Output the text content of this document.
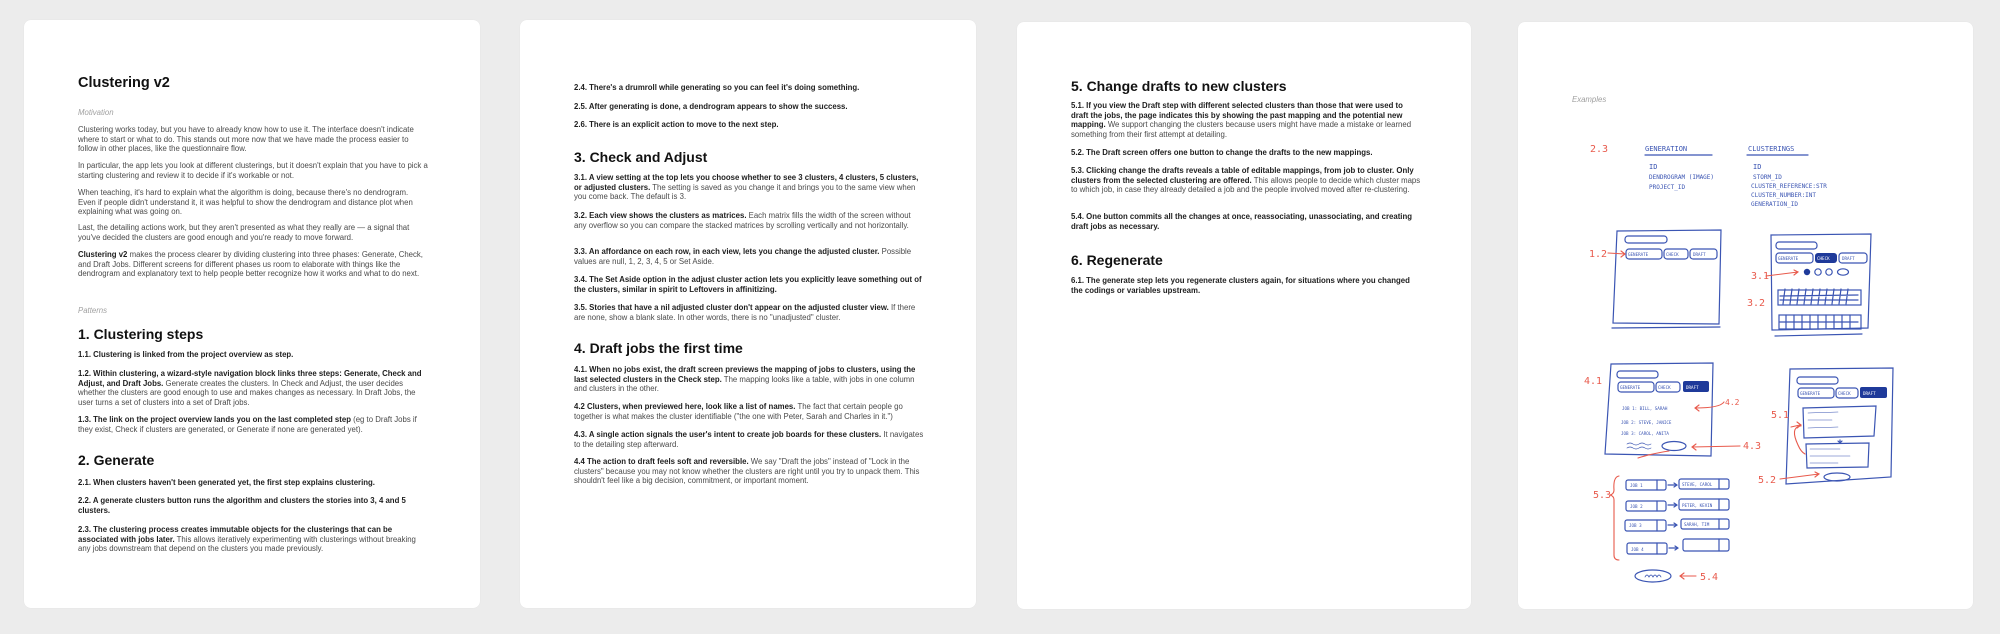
Clustering v2
Motivation
Clustering works today, but you have to already know how to use it. The interface doesn't indicate where to start or what to do. This stands out more now that we have made the process easier to follow in other places, like the questionnaire flow.
In particular, the app lets you look at different clusterings, but it doesn't explain that you have to pick a starting clustering and review it to decide if it's workable or not.
When teaching, it's hard to explain what the algorithm is doing, because there's no dendrogram. Even if people didn't understand it, it was helpful to show the dendrogram and distance plot when explaining what was going on.
Last, the detailing actions work, but they aren't presented as what they really are — a signal that you've decided the clusters are good enough and you're ready to move forward.
Clustering v2 makes the process clearer by dividing clustering into three phases: Generate, Check, and Draft Jobs. Different screens for different phases us room to elaborate with things like the dendrogram and explanatory text to help people better recognize how it works and what to do next.
Patterns
1. Clustering steps
1.1. Clustering is linked from the project overview as step.
1.2. Within clustering, a wizard-style navigation block links three steps: Generate, Check and Adjust, and Draft Jobs. Generate creates the clusters. In Check and Adjust, the user decides whether the clusters are good enough to use and makes changes as necessary. In Draft Jobs, the user turns a set of clusters into a set of Draft jobs.
1.3. The link on the project overview lands you on the last completed step (eg to Draft Jobs if they exist, Check if clusters are generated, or Generate if none are generated yet).
2. Generate
2.1. When clusters haven't been generated yet, the first step explains clustering.
2.2. A generate clusters button runs the algorithm and clusters the stories into 3, 4 and 5 clusters.
2.3. The clustering process creates immutable objects for the clusterings that can be associated with jobs later. This allows iteratively experimenting with clusterings without breaking any jobs downstream that depend on the clusters you made previously.
2.4. There's a drumroll while generating so you can feel it's doing something.
2.5. After generating is done, a dendrogram appears to show the success.
2.6. There is an explicit action to move to the next step.
3. Check and Adjust
3.1. A view setting at the top lets you choose whether to see 3 clusters, 4 clusters, 5 clusters, or adjusted clusters. The setting is saved as you change it and brings you to the same view when you come back. The default is 3.
3.2. Each view shows the clusters as matrices. Each matrix fills the width of the screen without any overflow so you can compare the stacked matrices by scrolling vertically and not horizontally.
3.3. An affordance on each row, in each view, lets you change the adjusted cluster. Possible values are null, 1, 2, 3, 4, 5 or Set Aside.
3.4. The Set Aside option in the adjust cluster action lets you explicitly leave something out of the clusters, similar in spirit to Leftovers in affinitizing.
3.5. Stories that have a nil adjusted cluster don't appear on the adjusted cluster view. If there are none, show a blank slate. In other words, there is no "unadjusted" cluster.
4. Draft jobs the first time
4.1. When no jobs exist, the draft screen previews the mapping of jobs to clusters, using the last selected clusters in the Check step. The mapping looks like a table, with jobs in one column and clusters in the other.
4.2 Clusters, when previewed here, look like a list of names. The fact that certain people go together is what makes the cluster identifiable ("the one with Peter, Sarah and Charles in it.")
4.3. A single action signals the user's intent to create job boards for these clusters. It navigates to the detailing step afterward.
4.4 The action to draft feels soft and reversible. We say "Draft the jobs" instead of "Lock in the clusters" because you may not know whether the clusters are right until you try to unpack them. This shouldn't feel like a big decision, commitment, or important moment.
5. Change drafts to new clusters
5.1. If you view the Draft step with different selected clusters than those that were used to draft the jobs, the page indicates this by showing the past mapping and the potential new mapping. We support changing the clusters because users might have made a mistake or learned something from their first attempt at detailing.
5.2. The Draft screen offers one button to change the drafts to the new mappings.
5.3. Clicking change the drafts reveals a table of editable mappings, from job to cluster. Only clusters from the selected clustering are offered. This allows people to decide which cluster maps to which job, in case they already detailed a job and the people involved moved after re-clustering.
5.4. One button commits all the changes at once, reassociating, unassociating, and creating draft jobs as necessary.
6. Regenerate
6.1. The generate step lets you regenerate clusters again, for situations where you changed the codings or variables upstream.
Examples
2.3	GENERATION	CLUSTERINGS
ID
DENDROGRAM (IMAGE)
PROJECT_ID
ID
STORM_ID
CLUSTER_REFERENCE:STR
CLUSTER_NUMBER:INT
GENERATION_ID
GENERATE	CHECK	DRAFT
1.2	GENERATE	CHECK	DRAFT
3.1
3.2
4.1
GENERATE	CHECK	DRAFT
JOB 1: BILL, SARAH
JOB 2: STEVE, JANICE
JOB 3: CAROL, ANITA
4.2
4.3
GENERATE	CHECK	DRAFT
5.1
5.2
5.3
JOB 1	STEVE, CAROL
JOB 2	PETER, KEVIN
JOB 3	SARAH, TIM
JOB 4
5.4
